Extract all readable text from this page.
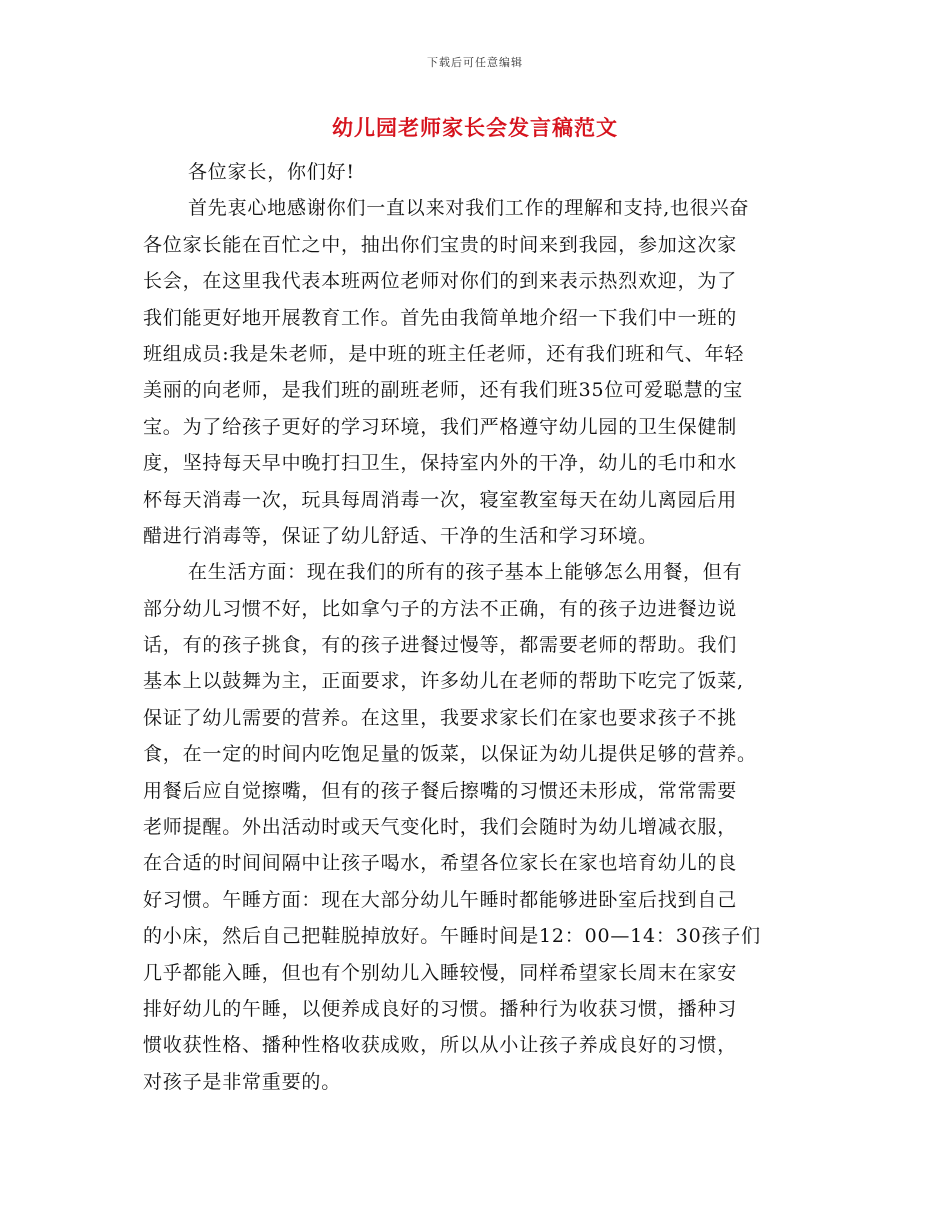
下载后可任意编辑
幼儿园老师家长会发言稿范文
各位家长，你们好!
首先衷心地感谢你们一直以来对我们工作的理解和支持,也很兴奋
各位家长能在百忙之中，抽出你们宝贵的时间来到我园，参加这次家
长会，在这里我代表本班两位老师对你们的到来表示热烈欢迎，为了
我们能更好地开展教育工作。首先由我简单地介绍一下我们中一班的
班组成员:我是朱老师，是中班的班主任老师，还有我们班和气、年轻
美丽的向老师，是我们班的副班老师，还有我们班35位可爱聪慧的宝
宝。为了给孩子更好的学习环境，我们严格遵守幼儿园的卫生保健制
度，坚持每天早中晚打扫卫生，保持室内外的干净，幼儿的毛巾和水
杯每天消毒一次，玩具每周消毒一次，寝室教室每天在幼儿离园后用
醋进行消毒等，保证了幼儿舒适、干净的生活和学习环境。
在生活方面：现在我们的所有的孩子基本上能够怎么用餐，但有
部分幼儿习惯不好，比如拿勺子的方法不正确，有的孩子边进餐边说
话，有的孩子挑食，有的孩子进餐过慢等，都需要老师的帮助。我们
基本上以鼓舞为主，正面要求，许多幼儿在老师的帮助下吃完了饭菜,
保证了幼儿需要的营养。在这里，我要求家长们在家也要求孩子不挑
食，在一定的时间内吃饱足量的饭菜，以保证为幼儿提供足够的营养。
用餐后应自觉擦嘴，但有的孩子餐后擦嘴的习惯还未形成，常常需要
老师提醒。外出活动时或天气变化时，我们会随时为幼儿增减衣服，
在合适的时间间隔中让孩子喝水，希望各位家长在家也培育幼儿的良
好习惯。午睡方面：现在大部分幼儿午睡时都能够进卧室后找到自己
的小床，然后自己把鞋脱掉放好。午睡时间是12：00—14：30孩子们
几乎都能入睡，但也有个别幼儿入睡较慢，同样希望家长周末在家安
排好幼儿的午睡，以便养成良好的习惯。播种行为收获习惯，播种习
惯收获性格、播种性格收获成败，所以从小让孩子养成良好的习惯，
对孩子是非常重要的。
